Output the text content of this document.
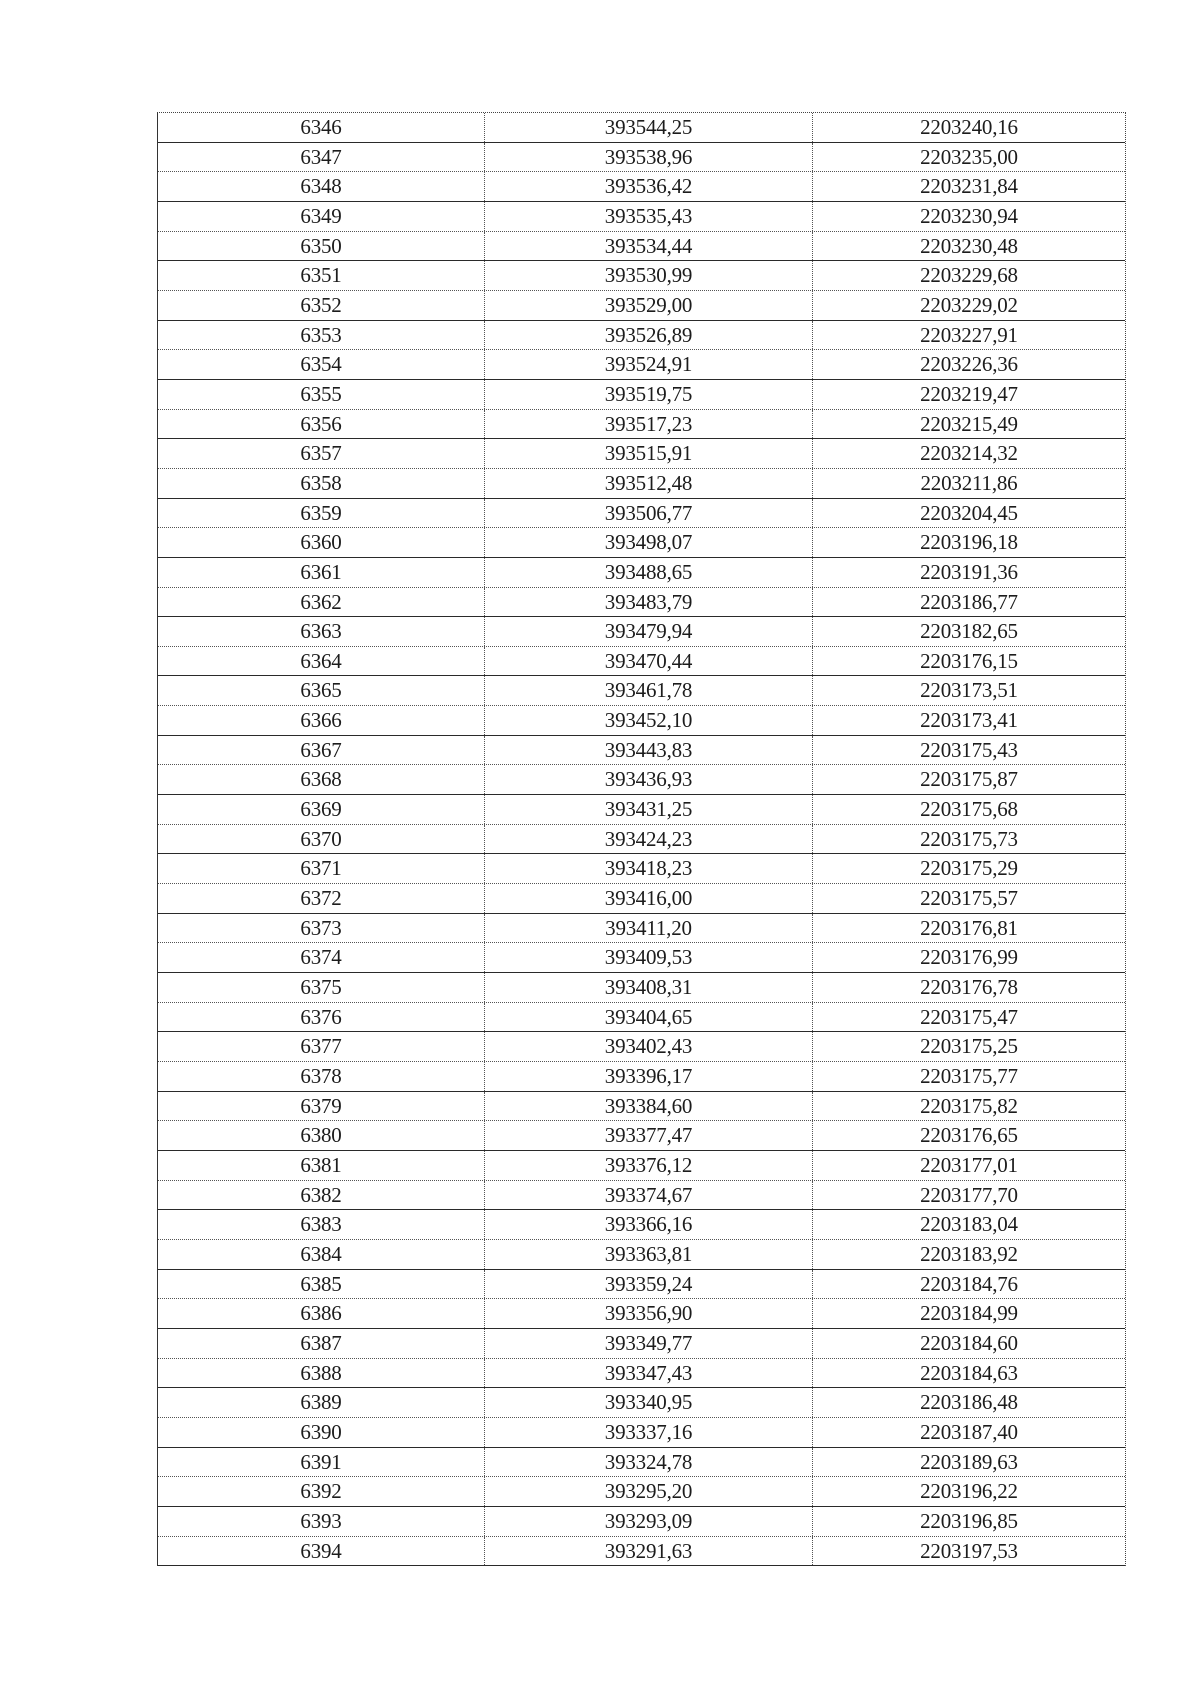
6346	393544,25	2203240,16
6347	393538,96	2203235,00
6348	393536,42	2203231,84
6349	393535,43	2203230,94
6350	393534,44	2203230,48
6351	393530,99	2203229,68
6352	393529,00	2203229,02
6353	393526,89	2203227,91
6354	393524,91	2203226,36
6355	393519,75	2203219,47
6356	393517,23	2203215,49
6357	393515,91	2203214,32
6358	393512,48	2203211,86
6359	393506,77	2203204,45
6360	393498,07	2203196,18
6361	393488,65	2203191,36
6362	393483,79	2203186,77
6363	393479,94	2203182,65
6364	393470,44	2203176,15
6365	393461,78	2203173,51
6366	393452,10	2203173,41
6367	393443,83	2203175,43
6368	393436,93	2203175,87
6369	393431,25	2203175,68
6370	393424,23	2203175,73
6371	393418,23	2203175,29
6372	393416,00	2203175,57
6373	393411,20	2203176,81
6374	393409,53	2203176,99
6375	393408,31	2203176,78
6376	393404,65	2203175,47
6377	393402,43	2203175,25
6378	393396,17	2203175,77
6379	393384,60	2203175,82
6380	393377,47	2203176,65
6381	393376,12	2203177,01
6382	393374,67	2203177,70
6383	393366,16	2203183,04
6384	393363,81	2203183,92
6385	393359,24	2203184,76
6386	393356,90	2203184,99
6387	393349,77	2203184,60
6388	393347,43	2203184,63
6389	393340,95	2203186,48
6390	393337,16	2203187,40
6391	393324,78	2203189,63
6392	393295,20	2203196,22
6393	393293,09	2203196,85
6394	393291,63	2203197,53
